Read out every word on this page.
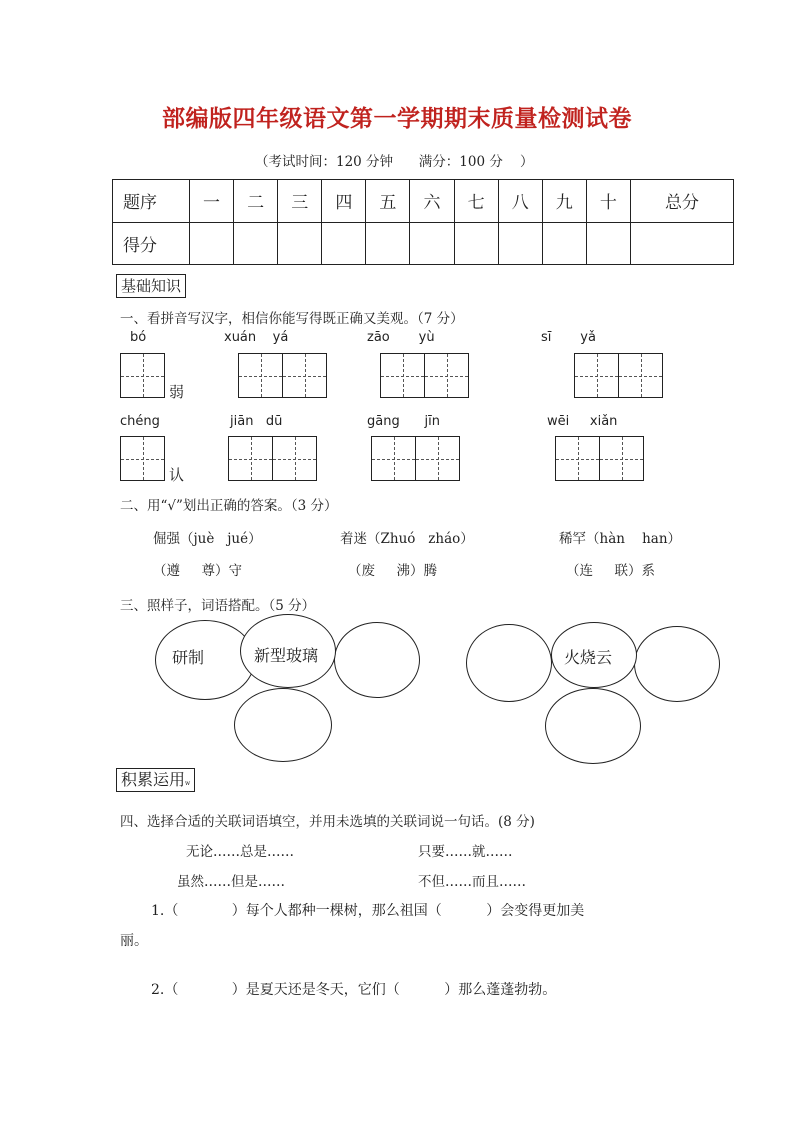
部编版四年级语文第一学期期末质量检测试卷
（考试时间：120 分钟      满分：100 分    ）
题序	一	二	三	四	五	六	七	八	九	十	总分
得分											
基础知识
一、看拼音写汉字，相信你能写得既正确又美观。（7 分）
bó	xuán    yá	zāo       yù	sī       yǎ
弱
chéng	jiān   dū	gāng      jīn	wēi     xiǎn
认
二、用“√”划出正确的答案。（3 分）
倔强（juè   jué）	着迷（Zhuó   zháo）	稀罕（hàn    han）
（遵     尊）守	（废     沸）腾	（连     联）系
三、照样子，词语搭配。（5 分）
研制	新型玻璃	火烧云
积累运用w
四、选择合适的关联词语填空，并用未选填的关联词说一句话。(8 分)
无论……总是……	只要……就……
虽然……但是……	不但……而且……
1.（            ）每个人都种一棵树，那么祖国（          ）会变得更加美
丽。
2.（            ）是夏天还是冬天，它们（          ）那么蓬蓬勃勃。
